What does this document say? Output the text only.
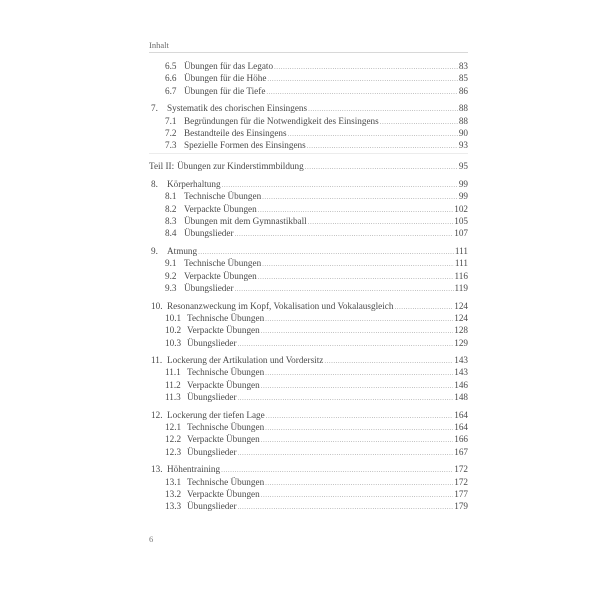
Inhalt
6.5 Übungen für das Legato .....	83
6.6 Übungen für die Höhe .....	85
6.7 Übungen für die Tiefe .....	86
7. Systematik des chorischen Einsingens .....	88
7.1 Begründungen für die Notwendigkeit des Einsingens .....	88
7.2 Bestandteile des Einsingens .....	90
7.3 Spezielle Formen des Einsingens .....	93
Teil II: Übungen zur Kinderstimmbildung .....	95
8. Körperhaltung .....	99
8.1 Technische Übungen .....	99
8.2 Verpackte Übungen .....	102
8.3 Übungen mit dem Gymnastikball .....	105
8.4 Übungslieder .....	107
9. Atmung .....	111
9.1 Technische Übungen .....	111
9.2 Verpackte Übungen .....	116
9.3 Übungslieder .....	119
10. Resonanzweckung im Kopf, Vokalisation und Vokalausgleich .....	124
10.1 Technische Übungen .....	124
10.2 Verpackte Übungen .....	128
10.3 Übungslieder .....	129
11. Lockerung der Artikulation und Vordersitz .....	143
11.1 Technische Übungen .....	143
11.2 Verpackte Übungen .....	146
11.3 Übungslieder .....	148
12. Lockerung der tiefen Lage .....	164
12.1 Technische Übungen .....	164
12.2 Verpackte Übungen .....	166
12.3 Übungslieder .....	167
13. Höhentraining .....	172
13.1 Technische Übungen .....	172
13.2 Verpackte Übungen .....	177
13.3 Übungslieder .....	179
6
